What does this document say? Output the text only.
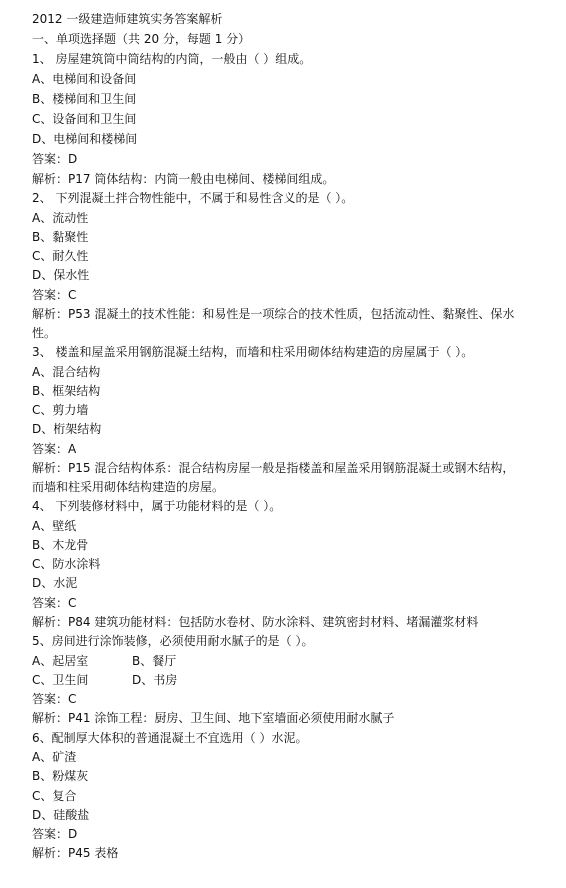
2012 一级建造师建筑实务答案解析
一、单项选择题（共 20 分，每题 1 分）
1、 房屋建筑筒中筒结构的内筒，一般由（ ）组成。
A、电梯间和设备间
B、楼梯间和卫生间
C、设备间和卫生间
D、电梯间和楼梯间
答案：D
解析：P17 筒体结构：内筒一般由电梯间、楼梯间组成。
2、 下列混凝土拌合物性能中，不属于和易性含义的是（ ）。
A、流动性
B、黏聚性
C、耐久性
D、保水性
答案：C
解析：P53 混凝土的技术性能：和易性是一项综合的技术性质，包括流动性、黏聚性、保水
性。
3、 楼盖和屋盖采用钢筋混凝土结构，而墙和柱采用砌体结构建造的房屋属于（ ）。
A、混合结构
B、框架结构
C、剪力墙
D、桁架结构
答案：A
解析：P15 混合结构体系：混合结构房屋一般是指楼盖和屋盖采用钢筋混凝土或钢木结构，
而墙和柱采用砌体结构建造的房屋。
4、 下列装修材料中，属于功能材料的是（ ）。
A、壁纸
B、木龙骨
C、防水涂料
D、水泥
答案：C
解析：P84 建筑功能材料：包括防水卷材、防水涂料、建筑密封材料、堵漏灌浆材料
5、房间进行涂饰装修，必须使用耐水腻子的是（ ）。
A、起居室	B、餐厅
C、卫生间	D、书房
答案：C
解析：P41 涂饰工程：厨房、卫生间、地下室墙面必须使用耐水腻子
6、配制厚大体积的普通混凝土不宜选用（ ）水泥。
A、矿渣
B、粉煤灰
C、复合
D、硅酸盐
答案：D
解析：P45 表格
